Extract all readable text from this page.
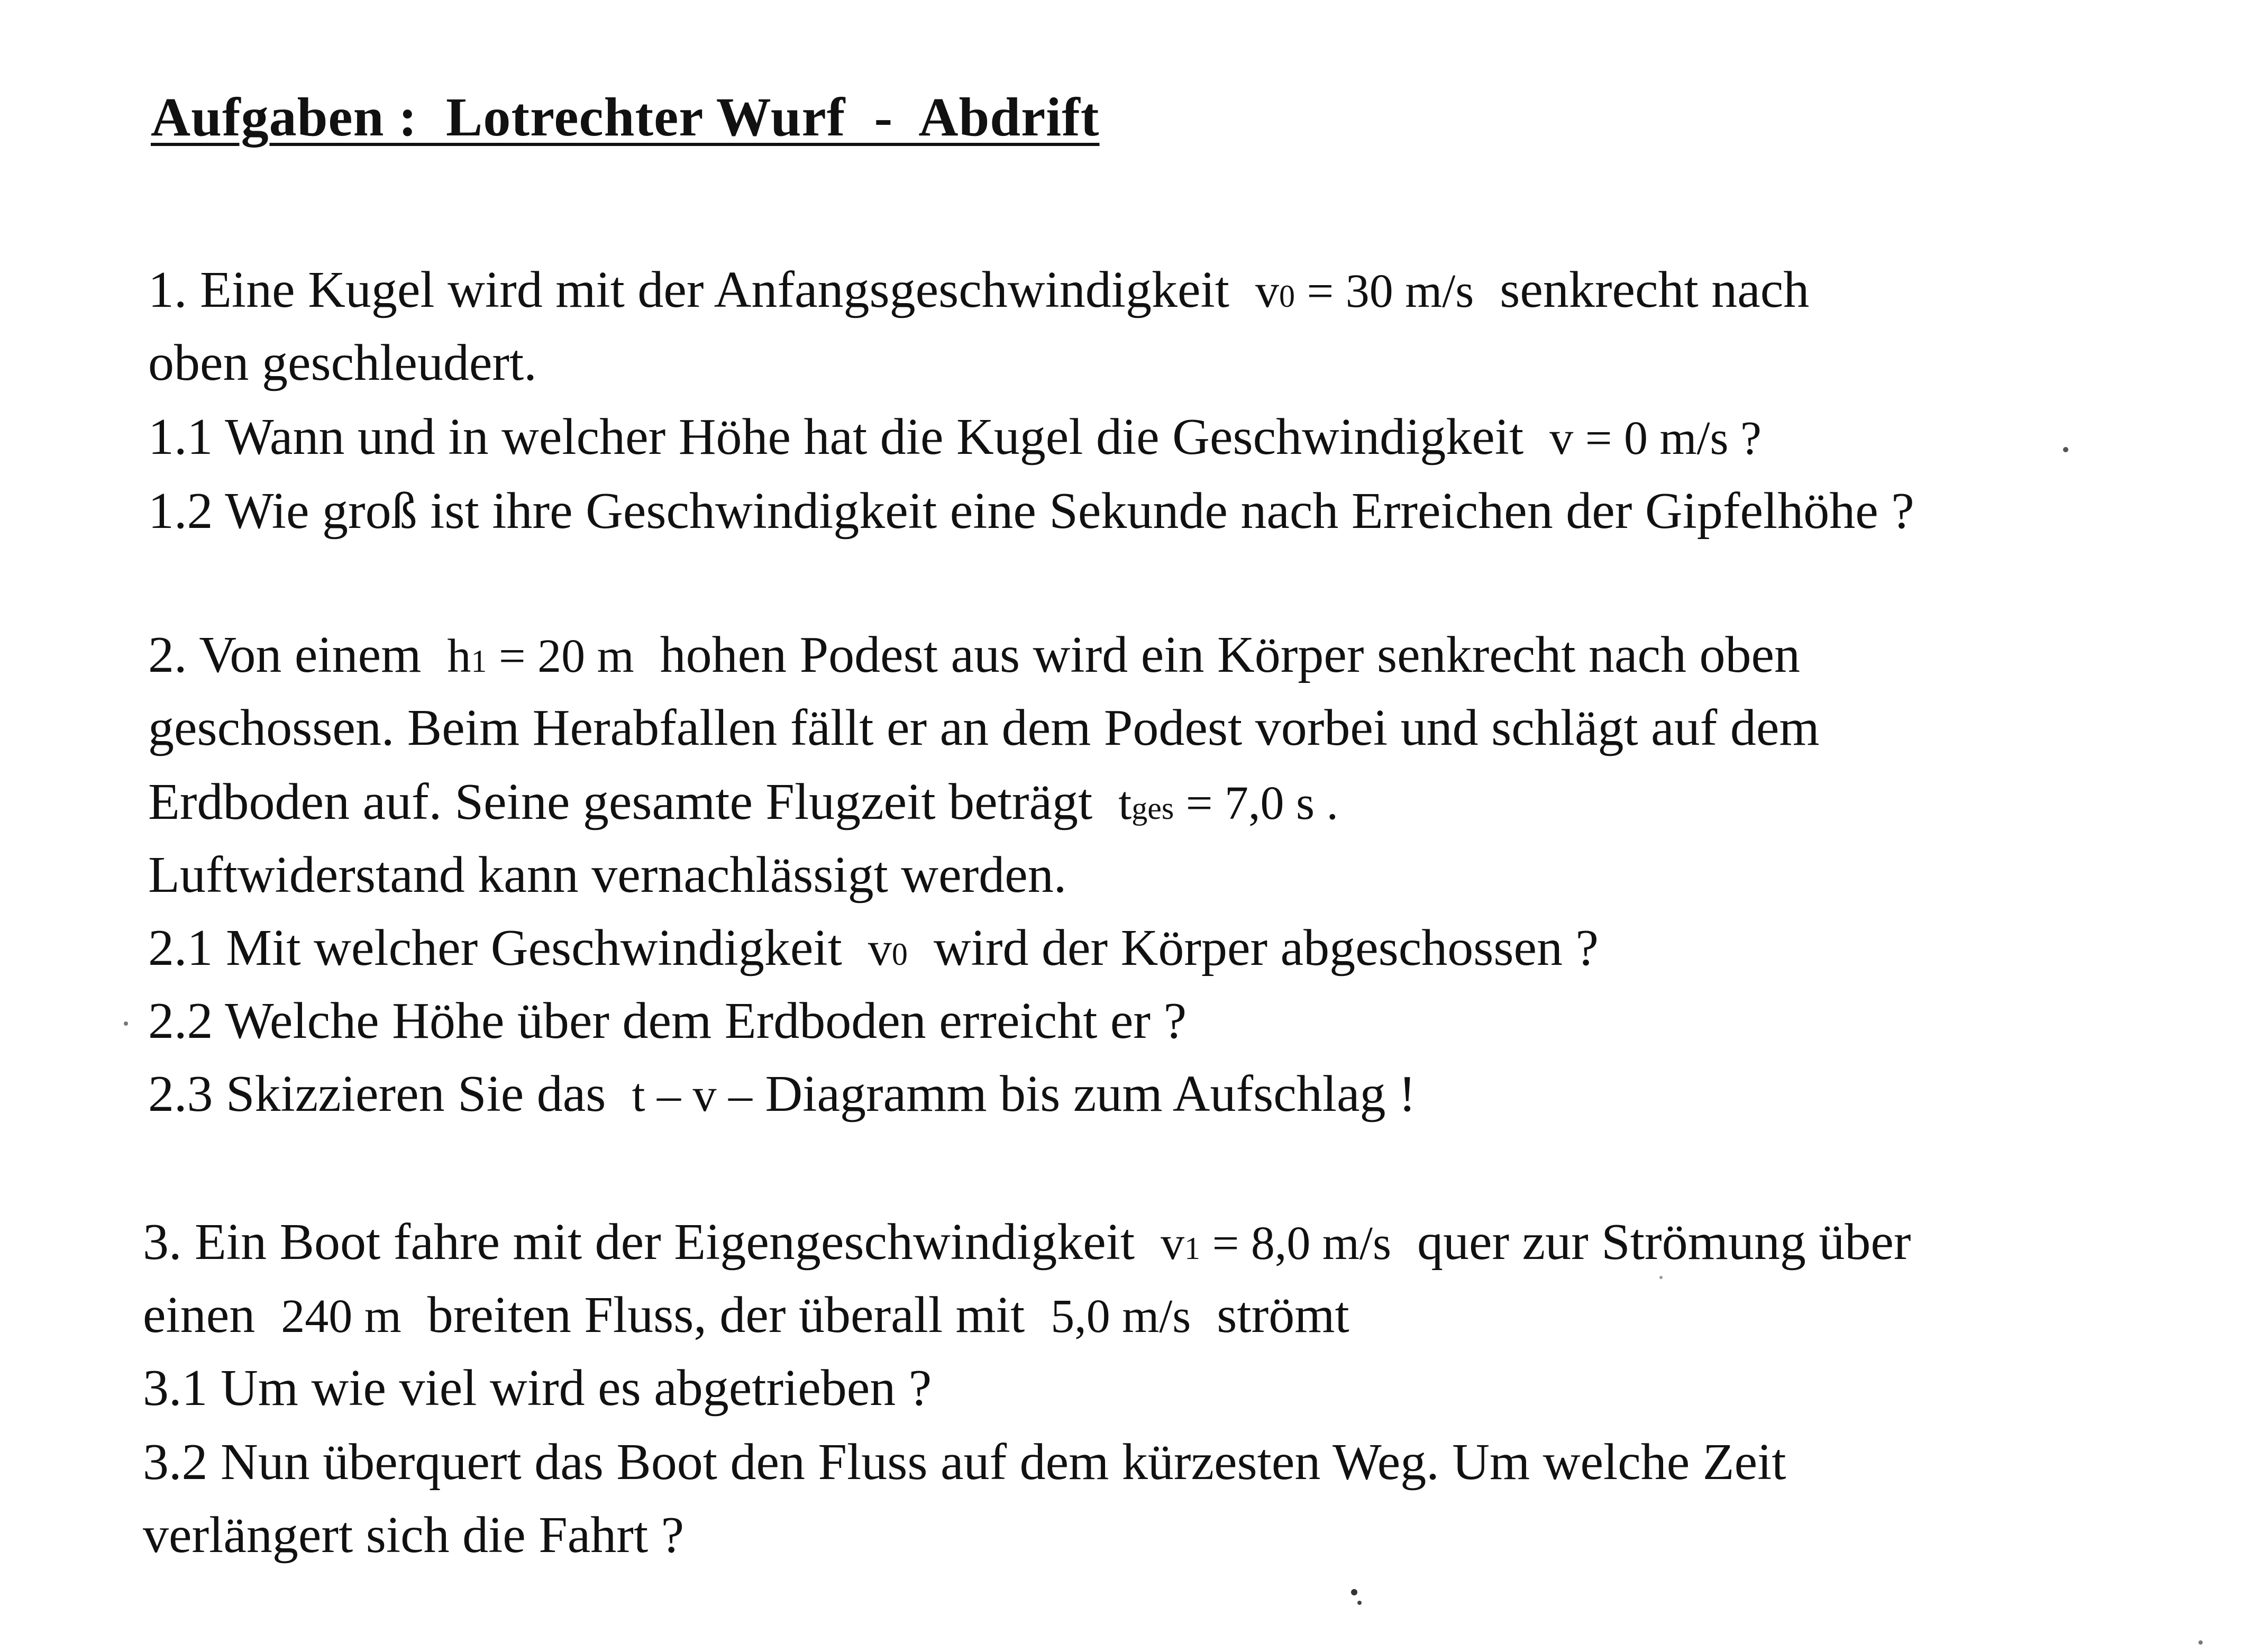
Aufgaben :  Lotrechter Wurf  -  Abdrift
1. Eine Kugel wird mit der Anfangsgeschwindigkeit  v0 = 30 m/s  senkrecht nach
oben geschleudert.
1.1 Wann und in welcher Höhe hat die Kugel die Geschwindigkeit  v = 0 m/s ?
1.2 Wie groß ist ihre Geschwindigkeit eine Sekunde nach Erreichen der Gipfelhöhe ?
2. Von einem  h1 = 20 m  hohen Podest aus wird ein Körper senkrecht nach oben
geschossen. Beim Herabfallen fällt er an dem Podest vorbei und schlägt auf dem
Erdboden auf. Seine gesamte Flugzeit beträgt  tges = 7,0 s .
Luftwiderstand kann vernachlässigt werden.
2.1 Mit welcher Geschwindigkeit  v0  wird der Körper abgeschossen ?
2.2 Welche Höhe über dem Erdboden erreicht er ?
2.3 Skizzieren Sie das  t – v – Diagramm bis zum Aufschlag !
3. Ein Boot fahre mit der Eigengeschwindigkeit  v1 = 8,0 m/s  quer zur Strömung über
einen  240 m  breiten Fluss, der überall mit  5,0 m/s  strömt
3.1 Um wie viel wird es abgetrieben ?
3.2 Nun überquert das Boot den Fluss auf dem kürzesten Weg. Um welche Zeit
verlängert sich die Fahrt ?
